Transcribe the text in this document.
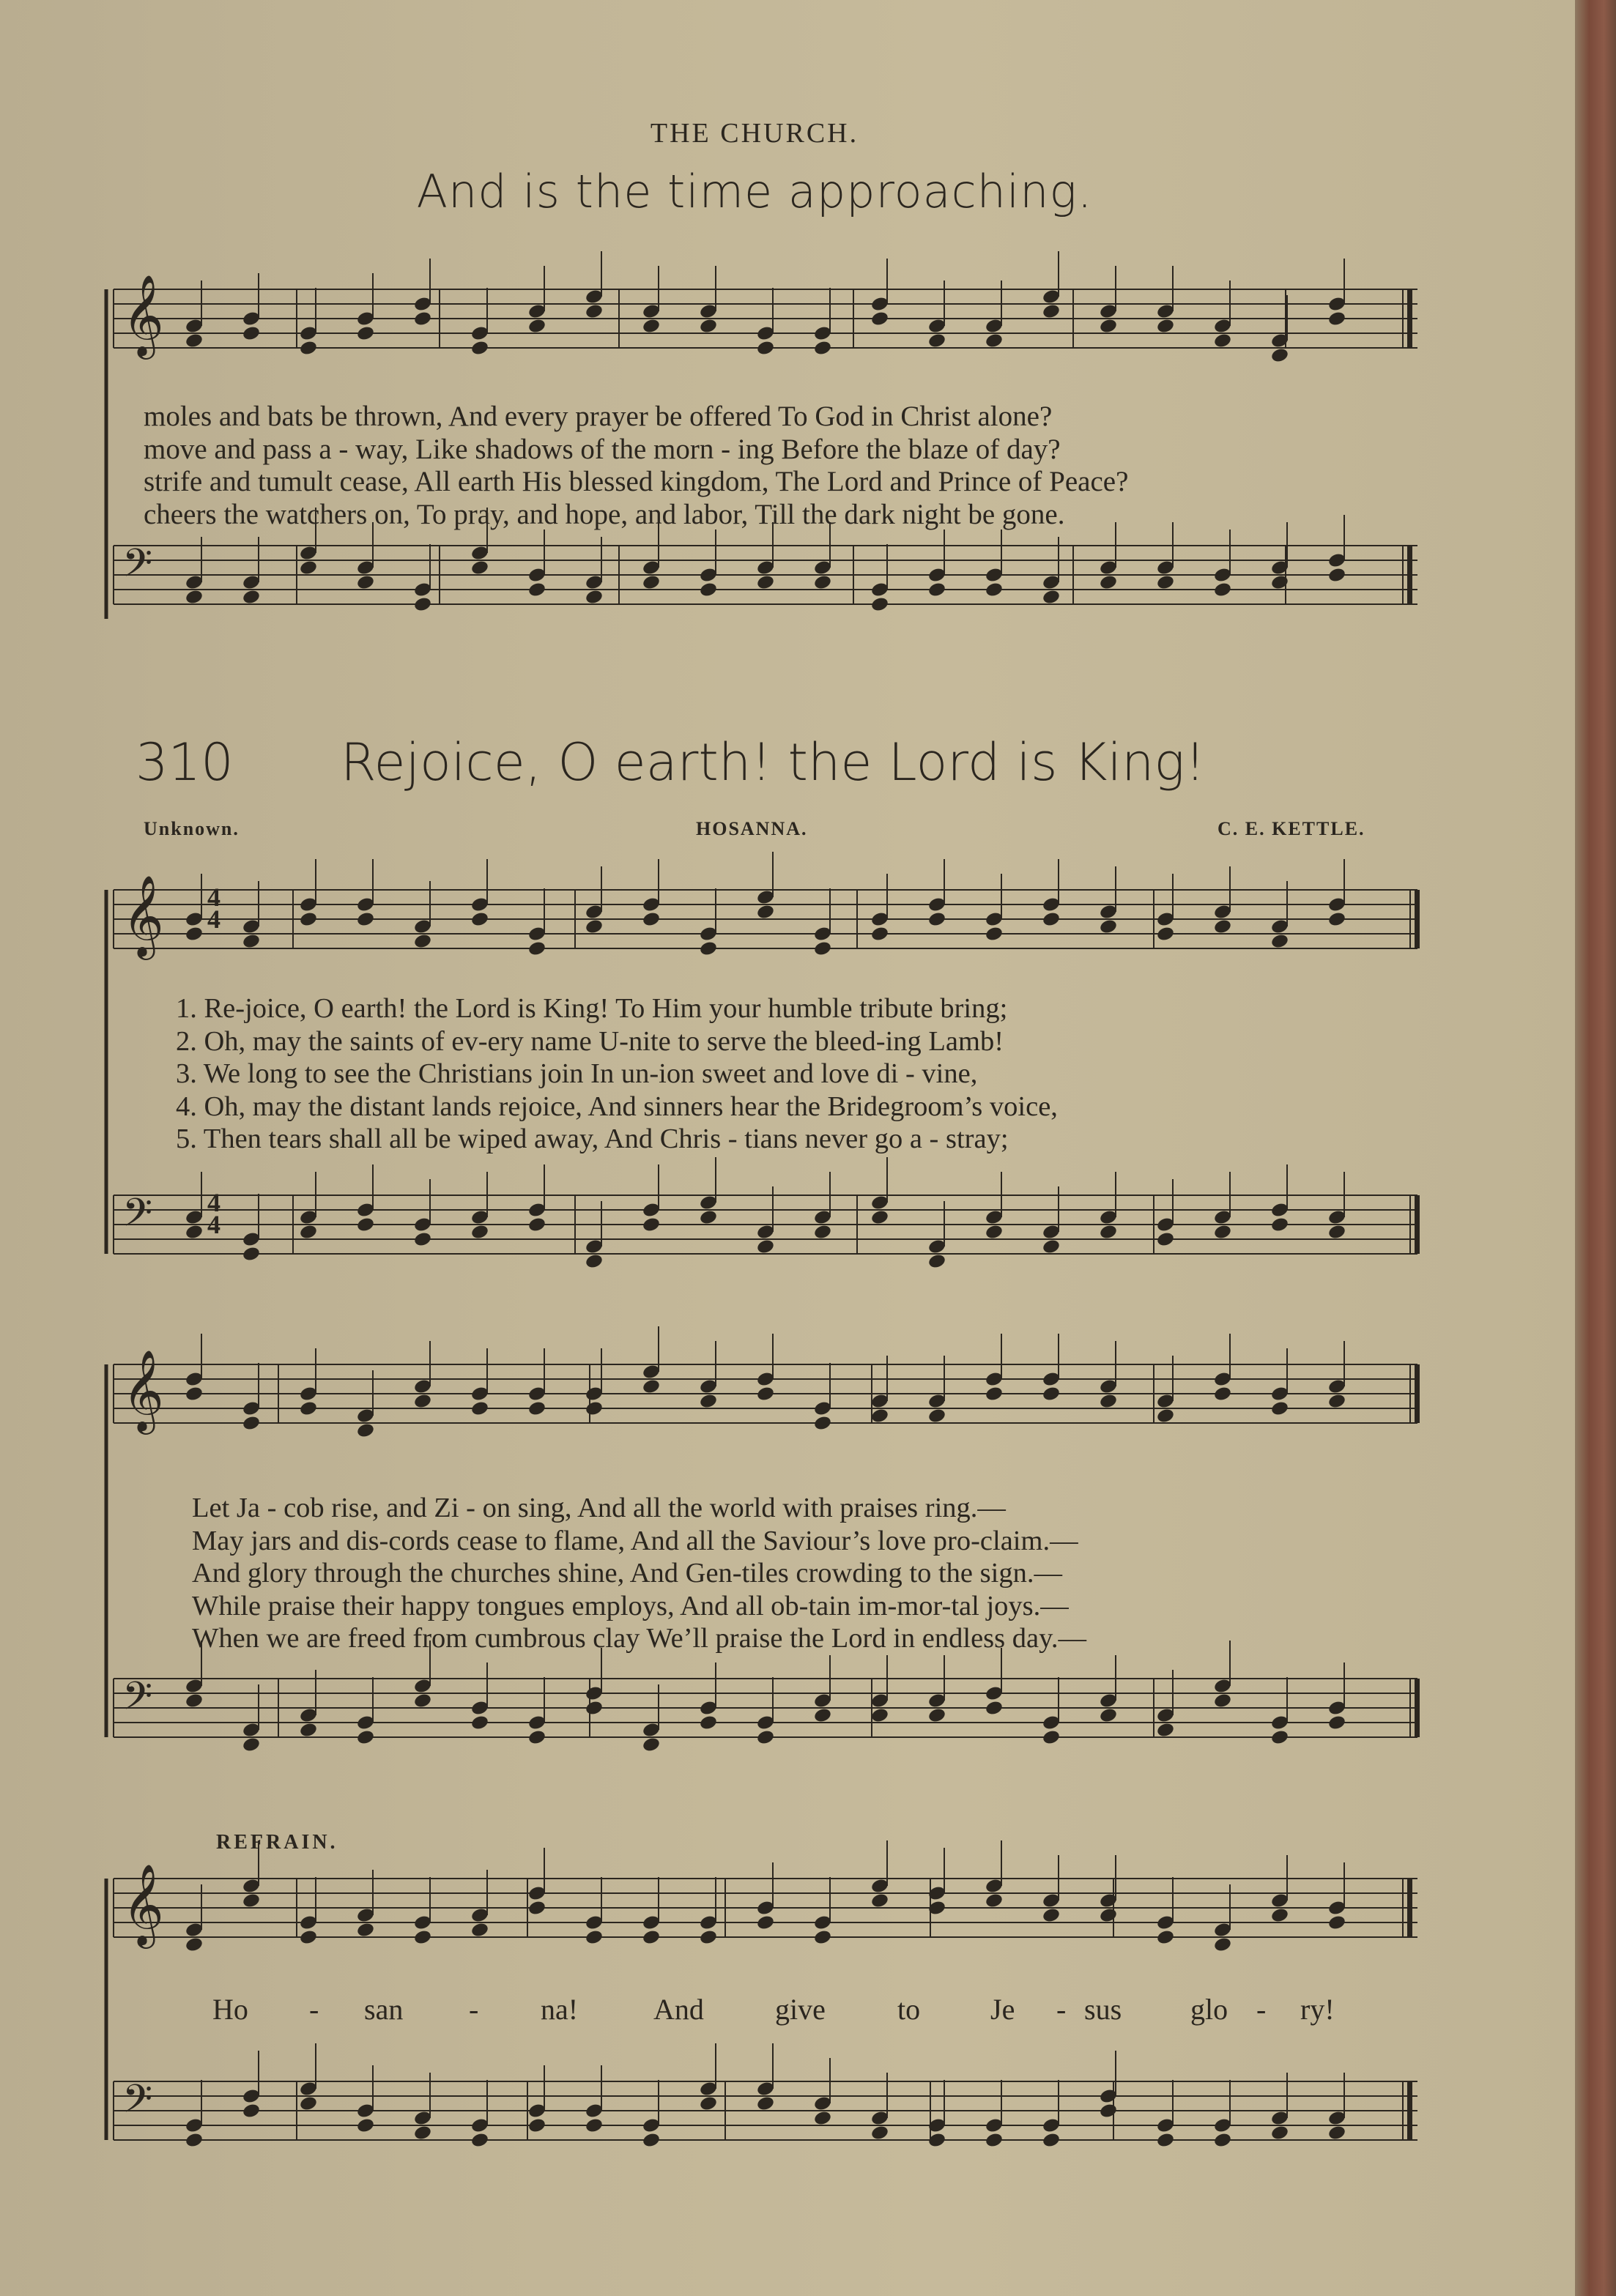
THE CHURCH.
And is the time approaching.
𝄞
𝄢
𝄞
𝄢
𝄞
𝄢
𝄞
𝄢
moles and bats be thrown, And every prayer be offered To God in Christ alone?
move and pass a - way, Like shadows of the morn - ing Before the blaze of day?
strife and tumult cease, All earth His blessed kingdom, The Lord and Prince of Peace?
cheers the watchers on, To pray, and hope, and labor, Till the dark night be gone.
310 Rejoice, O earth! the Lord is King!
Unknown.	HOSANNA.	C. E. KETTLE.
4
4
4
4
1. Re-joice, O earth! the Lord is King! To Him your humble tribute bring;
2. Oh, may the saints of ev-ery name U-nite to serve the bleed-ing Lamb!
3. We long to see the Christians join In un-ion sweet and love di - vine,
4. Oh, may the distant lands rejoice, And sinners hear the Bridegroom’s voice,
5. Then tears shall all be wiped away, And Chris - tians never go a - stray;
Let Ja - cob rise, and Zi - on sing, And all the world with praises ring.—
May jars and dis-cords cease to flame, And all the Saviour’s love pro-claim.—
And glory through the churches shine, And Gen-tiles crowding to the sign.—
While praise their happy tongues employs, And all ob-tain im-mor-tal joys.—
When we are freed from cumbrous clay We’ll praise the Lord in endless day.—
REFRAIN.
Ho - san - na!	And give to Je - sus glo - ry!
